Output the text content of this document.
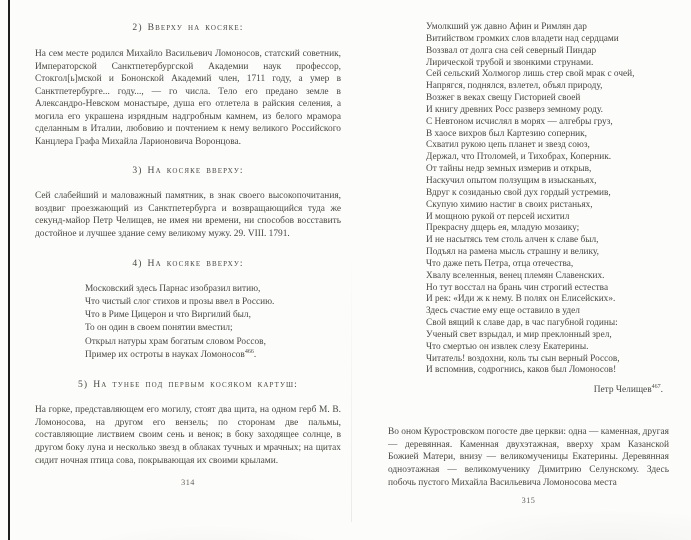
2) Вверху на косяке:
На сем месте родился Михайло Васильевич Ломоносов, статский советник, Императорской Санктпетербургской Академии наук профессор, Стокгол[ь]мской и Бононской Академий член, 1711 году, а умер в Санктпетербурге... году..., — го числа. Тело его предано земле в Александро-Невском монастыре, душа его отлетела в райския селения, а могила его украшена изрядным надгробным камнем, из белого мрамора сделанным в Италии, любовию и почтением к нему великого Российского Канцлера Графа Михайла Ларионовича Воронцова.
3) На косяке вверху:
Сей слабейший и маловажный памятник, в знак своего высокопочитания, воздвиг проезжающий из Санктпетербурга и возвращающийся туда же секунд-майор Петр Челищев, не имея ни времени, ни способов восставить достойное и лучшее здание сему великому мужу. 29. VIII. 1791.
4) На косяке вверху:
Московский здесь Парнас изобразил витию,
Что чистый слог стихов и прозы ввел в Россию.
Что в Риме Цицерон и что Виргилий был,
То он один в своем понятии вместил;
Открыл натуры храм богатым словом Россов,
Пример их остроты в науках Ломоносов$^{466}$.
5) На тунбе под первым косяком картуш:
На горке, представляющем его могилу, стоят два щита, на одном герб М. В. Ломоносова, на другом его вензель; по сторонам две пальмы, составляющие листвием своим сень и венок; в боку заходящее солнце, в другом боку луна и несколько звезд в облаках тучных и мрачных; на щитах сидит ночная птица сова, покрывающая их своими крылами.
314
Умолкший уж давно Афин и Римлян дар
Витийством громких слов владети над сердцами
Воззвал от долга сна сей северный Пиндар
Лирической трубой и звонкими струнами.
Сей сельский Холмогор лишь стер свой мрак с очей,
Напрягся, поднялся, взлетел, объял природу,
Возжег в веках свещу Гисторией своей
И книгу древних Росс разверз земному роду.
С Невтоном исчислял в морях — алгебры груз,
В хаосе вихров был Картезию соперник,
Схватил рукою цепь планет и звезд союз,
Держал, что Птоломей, и Тихобрах, Коперник.
От тайны недр земных измерив и открыв,
Наскучил опытом ползущим в изысканьях,
Вдруг к созиданью свой дух гордый устремив,
Скупую химию настиг в своих ристаньях,
И мощною рукой от персей исхитил
Прекрасну дщерь ея, младую мозаику;
И не насытясь тем столь алчен к славе был,
Подъял на рамена мысль страшну и велику,
Что даже петь Петра, отца отечества,
Хвалу вселенныя, венец племян Славенских.
Но тут восстал на брань чин строгий естества
И рек: «Иди ж к нему. В полях он Елисейских».
Здесь счастие ему еще оставило в удел
Свой вящий к славе дар, в час пагубной годины:
Ученый свет взрыдал, и мир преклонный зрел,
Что смертью он извлек слезу Екатерины.
Читатель! воздохни, коль ты сын верный Россов,
И вспомнив, содрогнись, каков был Ломоносов!
Петр Челищев$^{467}$.
Во оном Куростровском погосте две церкви: одна — каменная, другая — деревянная. Каменная двухэтажная, вверху храм Казанской Божией Матери, внизу — великомученицы Екатерины. Деревянная одноэтажная — великомученику Димитрию Селунскому. Здесь побочь пустого Михайла Васильевича Ломоносова места
315
